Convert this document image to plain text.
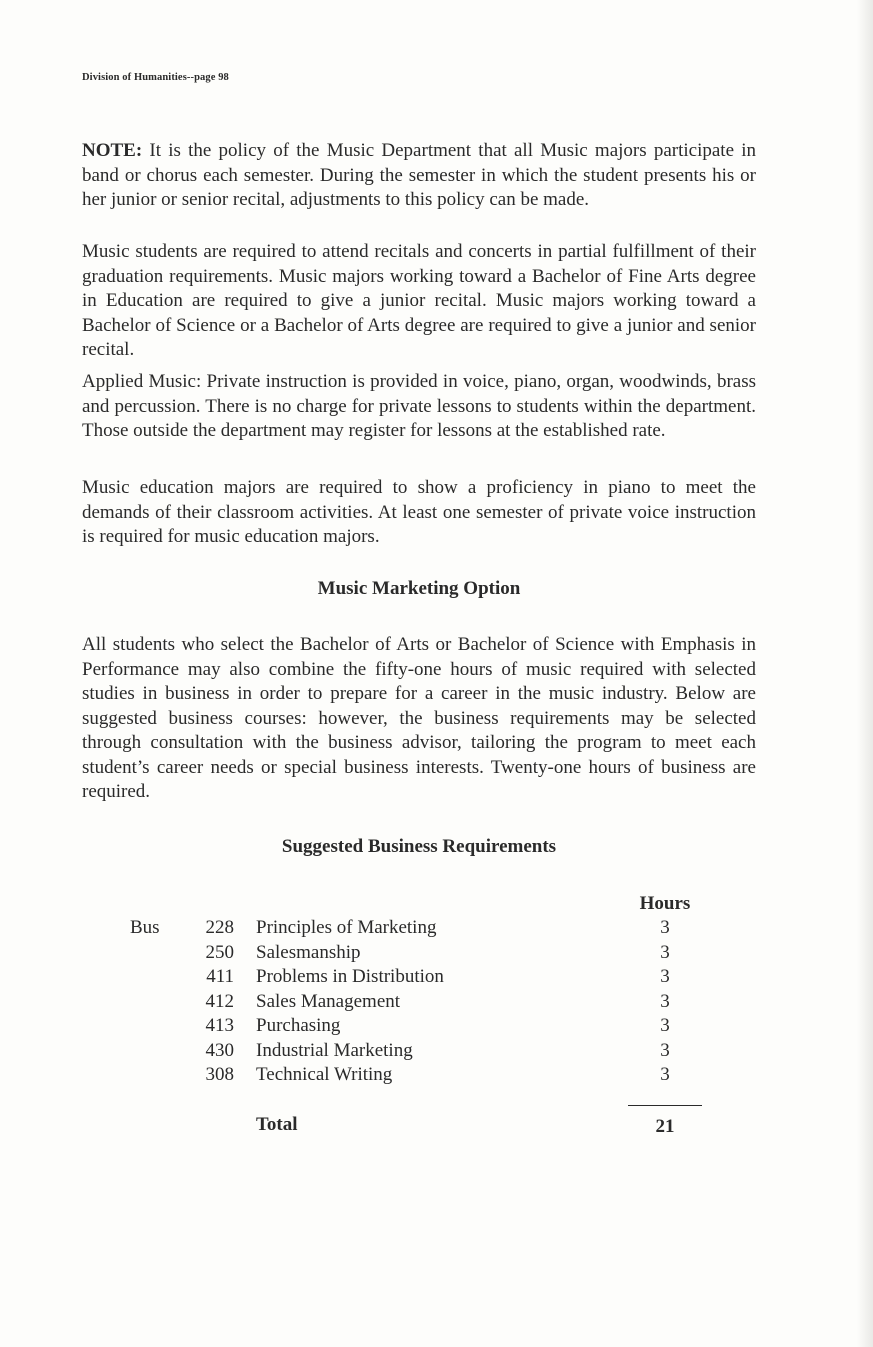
Division of Humanities--page 98

NOTE: It is the policy of the Music Department that all Music majors participate in band or chorus each semester. During the semester in which the student presents his or her junior or senior recital, adjustments to this policy can be made.

Music students are required to attend recitals and concerts in partial fulfillment of their graduation requirements. Music majors working toward a Bachelor of Fine Arts degree in Education are required to give a junior recital. Music majors working toward a Bachelor of Science or a Bachelor of Arts degree are required to give a junior and senior recital.

Applied Music: Private instruction is provided in voice, piano, organ, woodwinds, brass and percussion. There is no charge for private lessons to students within the department. Those outside the department may register for lessons at the established rate.

Music education majors are required to show a proficiency in piano to meet the demands of their classroom activities. At least one semester of private voice instruction is required for music education majors.

Music Marketing Option

All students who select the Bachelor of Arts or Bachelor of Science with Emphasis in Performance may also combine the fifty-one hours of music required with selected studies in business in order to prepare for a career in the music industry. Below are suggested business courses: however, the business requirements may be selected through consultation with the business advisor, tailoring the program to meet each student’s career needs or special business interests. Twenty-one hours of business are required.

Suggested Business Requirements
Hours
Bus	228 Principles of Marketing	3
250 Salesmanship	3
411 Problems in Distribution	3
412 Sales Management	3
413 Purchasing	3
430 Industrial Marketing	3
308 Technical Writing	3
Total	21
